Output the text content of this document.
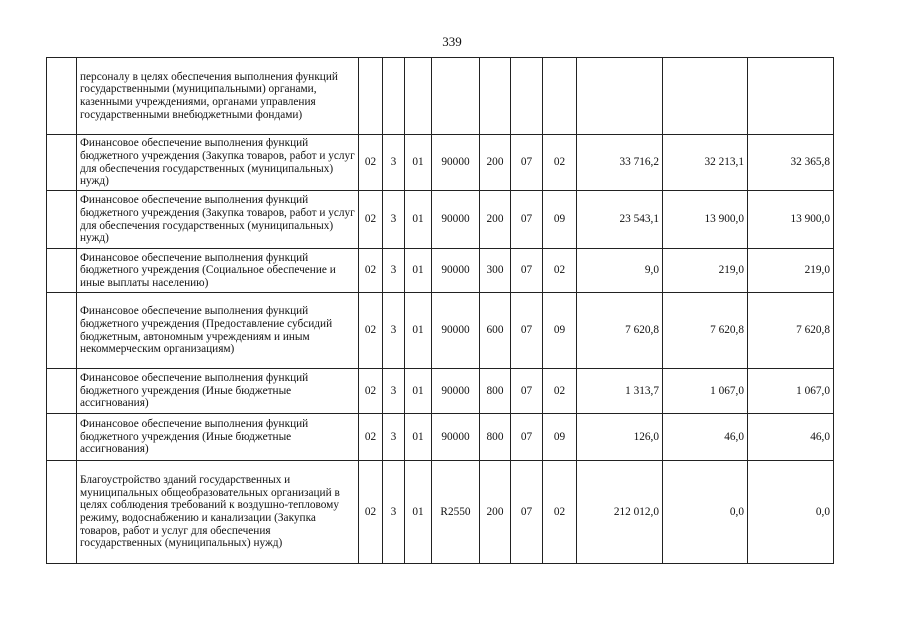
339
	персоналу в целях обеспечения выполнения функций государственными (муниципальными) органами, казенными учреждениями, органами управления государственными внебюджетными фондами)										
	Финансовое обеспечение выполнения функций бюджетного учреждения (Закупка товаров, работ и услуг для обеспечения государственных (муниципальных) нужд)	02	3	01	90000	200	07	02	33 716,2	32 213,1	32 365,8
	Финансовое обеспечение выполнения функций бюджетного учреждения (Закупка товаров, работ и услуг для обеспечения государственных (муниципальных) нужд)	02	3	01	90000	200	07	09	23 543,1	13 900,0	13 900,0
	Финансовое обеспечение выполнения функций бюджетного учреждения (Социальное обеспечение и иные выплаты населению)	02	3	01	90000	300	07	02	9,0	219,0	219,0
	Финансовое обеспечение выполнения функций бюджетного учреждения (Предоставление субсидий бюджетным, автономным учреждениям и иным некоммерческим организациям)	02	3	01	90000	600	07	09	7 620,8	7 620,8	7 620,8
	Финансовое обеспечение выполнения функций бюджетного учреждения (Иные бюджетные ассигнования)	02	3	01	90000	800	07	02	1 313,7	1 067,0	1 067,0
	Финансовое обеспечение выполнения функций бюджетного учреждения (Иные бюджетные ассигнования)	02	3	01	90000	800	07	09	126,0	46,0	46,0
	Благоустройство зданий государственных и муниципальных общеобразовательных организаций в целях соблюдения требований к воздушно-тепловому режиму, водоснабжению и канализации (Закупка товаров, работ и услуг для обеспечения государственных (муниципальных) нужд)	02	3	01	R2550	200	07	02	212 012,0	0,0	0,0
